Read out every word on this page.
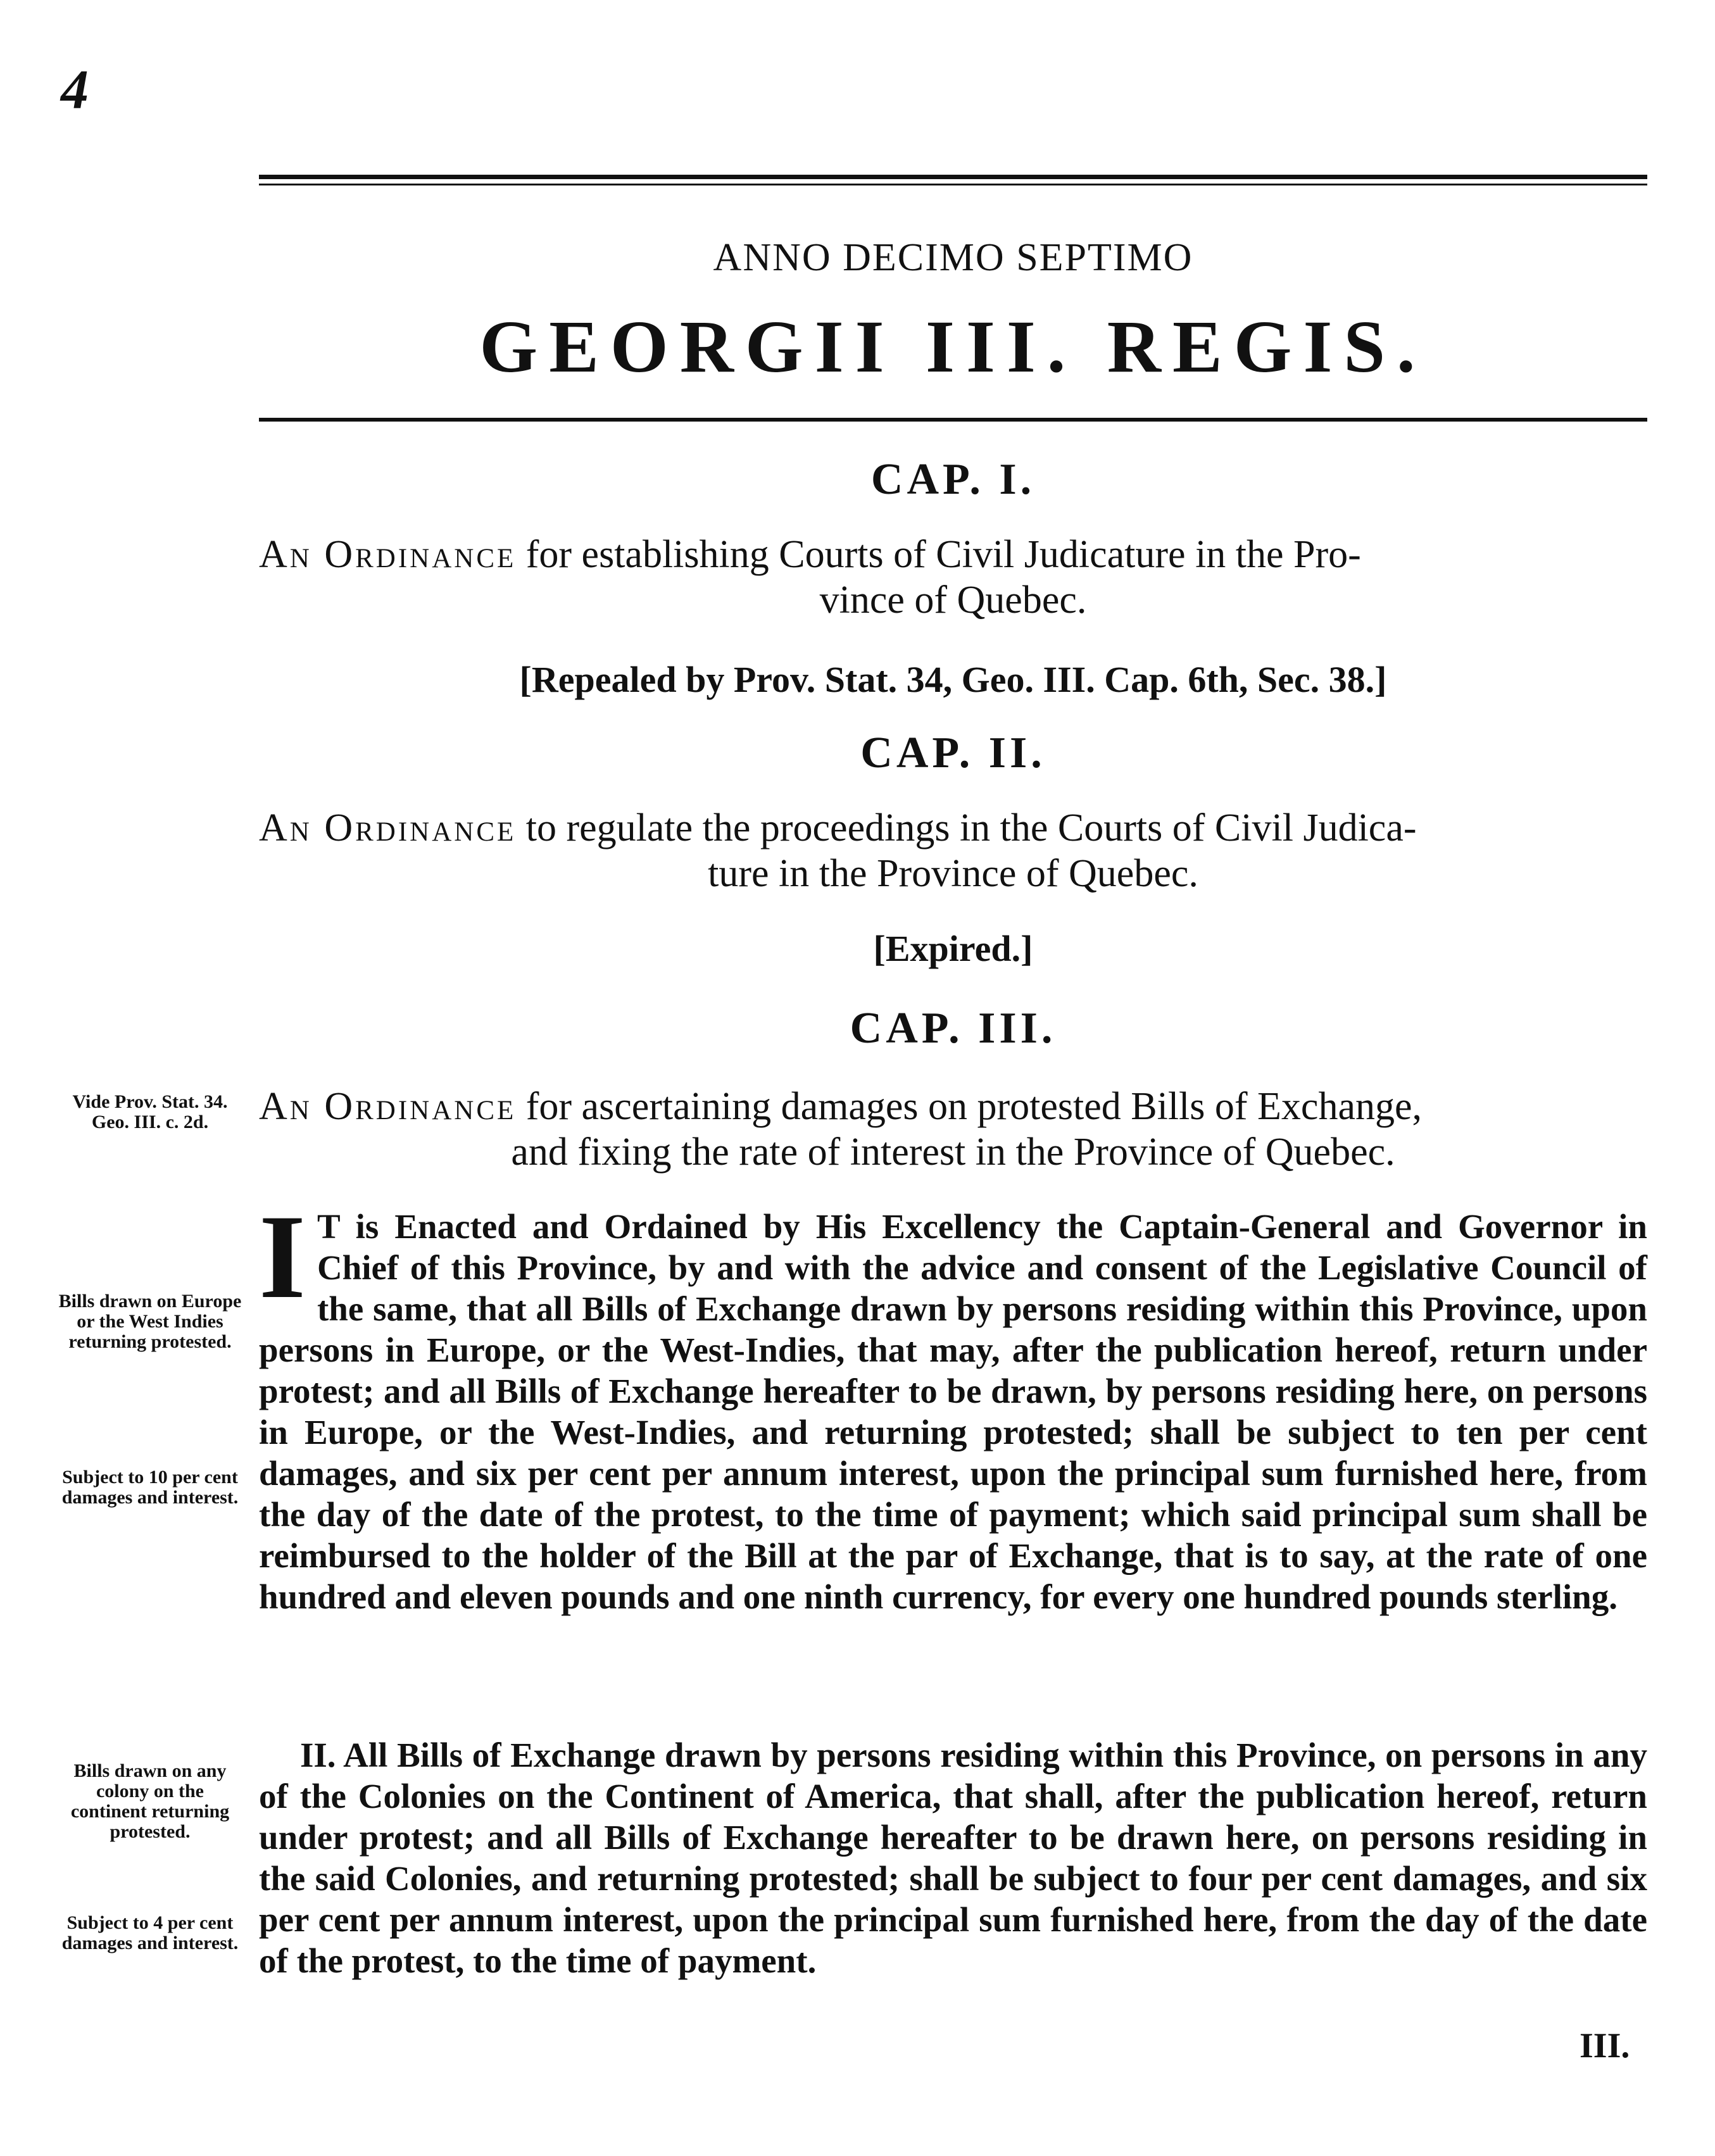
4
ANNO DECIMO SEPTIMO
GEORGII III. REGIS.
CAP. I.
An Ordinance for establishing Courts of Civil Judicature in the Pro-
vince of Quebec.
[Repealed by Prov. Stat. 34, Geo. III. Cap. 6th, Sec. 38.]
CAP. II.
An Ordinance to regulate the proceedings in the Courts of Civil Judica-
ture in the Province of Quebec.
[Expired.]
CAP. III.
An Ordinance for ascertaining damages on protested Bills of Exchange,
and fixing the rate of interest in the Province of Quebec.
I T is Enacted and Ordained by His Excellency the Captain-General and Governor in Chief of this Province, by and with the advice and consent of the Legislative Council of the same, that all Bills of Exchange drawn by persons residing within this Province, upon persons in Europe, or the West-Indies, that may, after the publication hereof, return under protest; and all Bills of Exchange hereafter to be drawn, by persons residing here, on persons in Europe, or the West-Indies, and returning protested; shall be subject to ten per cent damages, and six per cent per annum interest, upon the principal sum furnished here, from the day of the date of the protest, to the time of payment; which said principal sum shall be reimbursed to the holder of the Bill at the par of Exchange, that is to say, at the rate of one hundred and eleven pounds and one ninth currency, for every one hundred pounds sterling.
II. All Bills of Exchange drawn by persons residing within this Province, on persons in any of the Colonies on the Continent of America, that shall, after the publication hereof, return under protest; and all Bills of Exchange hereafter to be drawn here, on persons residing in the said Colonies, and returning protested; shall be subject to four per cent damages, and six per cent per annum interest, upon the principal sum furnished here, from the day of the date of the protest, to the time of payment.
Vide Prov. Stat. 34. Geo. III. c. 2d.
Bills drawn on Europe or the West Indies returning protested.
Subject to 10 per cent damages and interest.
Bills drawn on any colony on the continent returning protested.
Subject to 4 per cent damages and interest.
III.
